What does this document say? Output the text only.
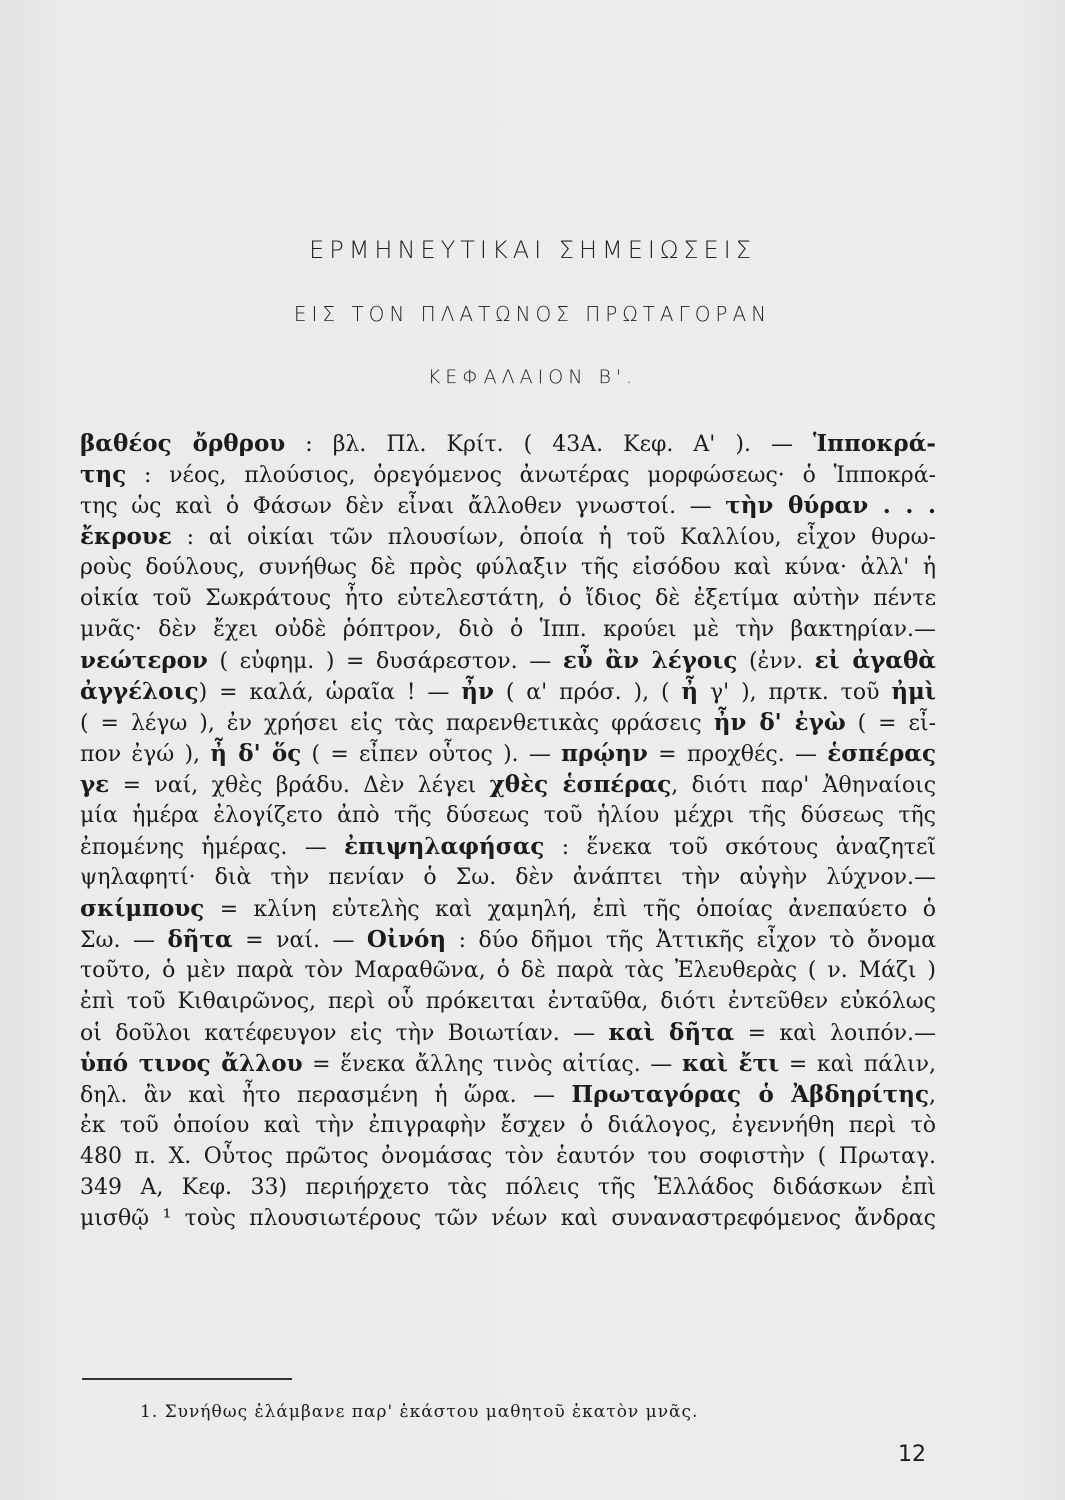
ΕΡΜΗΝΕΥΤΙΚΑΙ ΣΗΜΕΙΩΣΕΙΣ
ΕΙΣ ΤΟΝ ΠΛΑΤΩΝΟΣ ΠΡΩΤΑΓΟΡΑΝ
ΚΕΦΑΛΑΙΟΝ Β'.
βαθέος ὄρθρου : βλ. Πλ. Κρίτ. ( 43Α. Κεφ. Α' ). — Ἱπποκρά-
της : νέος, πλούσιος, ὀρεγόμενος ἀνωτέρας μορφώσεως· ὁ Ἱπποκρά-
της ὡς καὶ ὁ Φάσων δὲν εἶναι ἄλλοθεν γνωστοί. — τὴν θύραν . . .
ἔκρουε : αἱ οἰκίαι τῶν πλουσίων, ὁποία ἡ τοῦ Καλλίου, εἶχον θυρω-
ροὺς δούλους, συνήθως δὲ πρὸς φύλαξιν τῆς εἰσόδου καὶ κύνα· ἀλλ' ἡ
οἰκία τοῦ Σωκράτους ἦτο εὐτελεστάτη, ὁ ἴδιος δὲ ἐξετίμα αὐτὴν πέντε
μνᾶς· δὲν ἔχει οὐδὲ ῥόπτρον, διὸ ὁ Ἱππ. κρούει μὲ τὴν βακτηρίαν.—
νεώτερον ( εὐφημ. ) = δυσάρεστον. — εὖ ἂν λέγοις (ἐνν. εἰ ἀγαθὰ
ἀγγέλοις) = καλά, ὡραῖα ! — ἦν ( α' πρόσ. ), ( ἦ γ' ), πρτκ. τοῦ ἠμὶ
( = λέγω ), ἐν χρήσει εἰς τὰς παρενθετικὰς φράσεις ἦν δ' ἐγὼ ( = εἶ-
πον ἐγώ ), ἦ δ' ὅς ( = εἶπεν οὗτος ). — πρῴην = προχθές. — ἑσπέρας
γε = ναί, χθὲς βράδυ. Δὲν λέγει χθὲς ἑσπέρας, διότι παρ' Ἀθηναίοις
μία ἡμέρα ἐλογίζετο ἀπὸ τῆς δύσεως τοῦ ἡλίου μέχρι τῆς δύσεως τῆς
ἐπομένης ἡμέρας. — ἐπιψηλαφήσας : ἕνεκα τοῦ σκότους ἀναζητεῖ
ψηλαφητί· διὰ τὴν πενίαν ὁ Σω. δὲν ἀνάπτει τὴν αὐγὴν λύχνον.—
σκίμπους = κλίνη εὐτελὴς καὶ χαμηλή, ἐπὶ τῆς ὁποίας ἀνεπαύετο ὁ
Σω. — δῆτα = ναί. — Οἰνόη : δύο δῆμοι τῆς Ἀττικῆς εἶχον τὸ ὄνομα
τοῦτο, ὁ μὲν παρὰ τὸν Μαραθῶνα, ὁ δὲ παρὰ τὰς Ἐλευθερὰς ( ν. Μάζι )
ἐπὶ τοῦ Κιθαιρῶνος, περὶ οὗ πρόκειται ἐνταῦθα, διότι ἐντεῦθεν εὐκόλως
οἱ δοῦλοι κατέφευγον εἰς τὴν Βοιωτίαν. — καὶ δῆτα = καὶ λοιπόν.—
ὑπό τινος ἄλλου = ἕνεκα ἄλλης τινὸς αἰτίας. — καὶ ἔτι = καὶ πάλιν,
δηλ. ἂν καὶ ἦτο περασμένη ἡ ὥρα. — Πρωταγόρας ὁ Ἀβδηρίτης,
ἐκ τοῦ ὁποίου καὶ τὴν ἐπιγραφὴν ἔσχεν ὁ διάλογος, ἐγεννήθη περὶ τὸ
480 π. Χ. Οὗτος πρῶτος ὀνομάσας τὸν ἑαυτόν του σοφιστὴν ( Πρωταγ.
349 Α, Κεφ. 33) περιήρχετο τὰς πόλεις τῆς Ἑλλάδος διδάσκων ἐπὶ
μισθῷ ¹ τοὺς πλουσιωτέρους τῶν νέων καὶ συναναστρεφόμενος ἄνδρας
1. Συνήθως ἐλάμβανε παρ' ἑκάστου μαθητοῦ ἑκατὸν μνᾶς.
12
